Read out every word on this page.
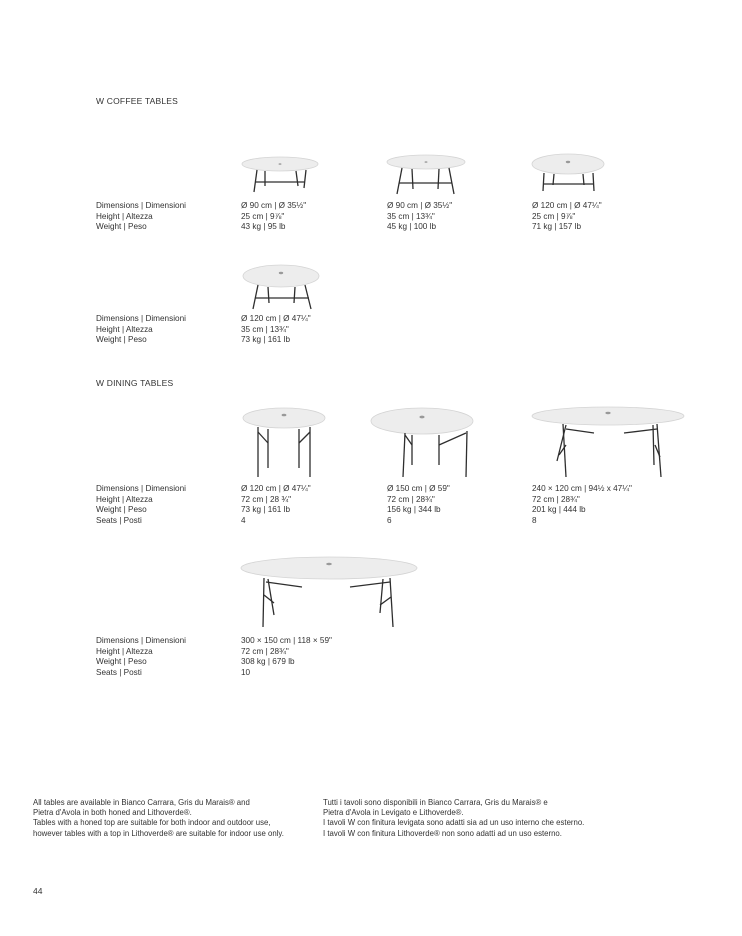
W COFFEE TABLES
Dimensions | Dimensioni
Height | Altezza
Weight | Peso
Ø 90 cm | Ø 35½"
25 cm | 9⅞"
43 kg | 95 lb
Ø 90 cm | Ø 35½"
35 cm | 13¾"
45 kg | 100 lb
Ø 120 cm | Ø 47¼"
25 cm | 9⅞"
71 kg | 157 lb
Dimensions | Dimensioni
Height | Altezza
Weight | Peso
Ø 120 cm | Ø 47¼"
35 cm | 13¾"
73 kg | 161 lb
W DINING TABLES
Dimensions | Dimensioni
Height | Altezza
Weight | Peso
Seats | Posti
Ø 120 cm | Ø 47¼"
72 cm | 28 ¾"
73 kg | 161 lb
4
Ø 150 cm | Ø 59"
72 cm | 28¾"
156 kg | 344 lb
6
240 × 120 cm | 94½ x 47¼"
72 cm | 28¾"
201 kg | 444 lb
8
Dimensions | Dimensioni
Height | Altezza
Weight | Peso
Seats | Posti
300 × 150 cm | 118 × 59"
72 cm | 28¾"
308 kg | 679 lb
10
All tables are available in Bianco Carrara, Gris du Marais® and
Pietra d'Avola in both honed and Lithoverde®.
Tables with a honed top are suitable for both indoor and outdoor use,
however tables with a top in Lithoverde® are suitable for indoor use only.
Tutti i tavoli sono disponibili in Bianco Carrara, Gris du Marais® e
Pietra d'Avola in Levigato e Lithoverde®.
I tavoli W con finitura levigata sono adatti sia ad un uso interno che esterno.
I tavoli W con finitura Lithoverde® non sono adatti ad un uso esterno.
44
